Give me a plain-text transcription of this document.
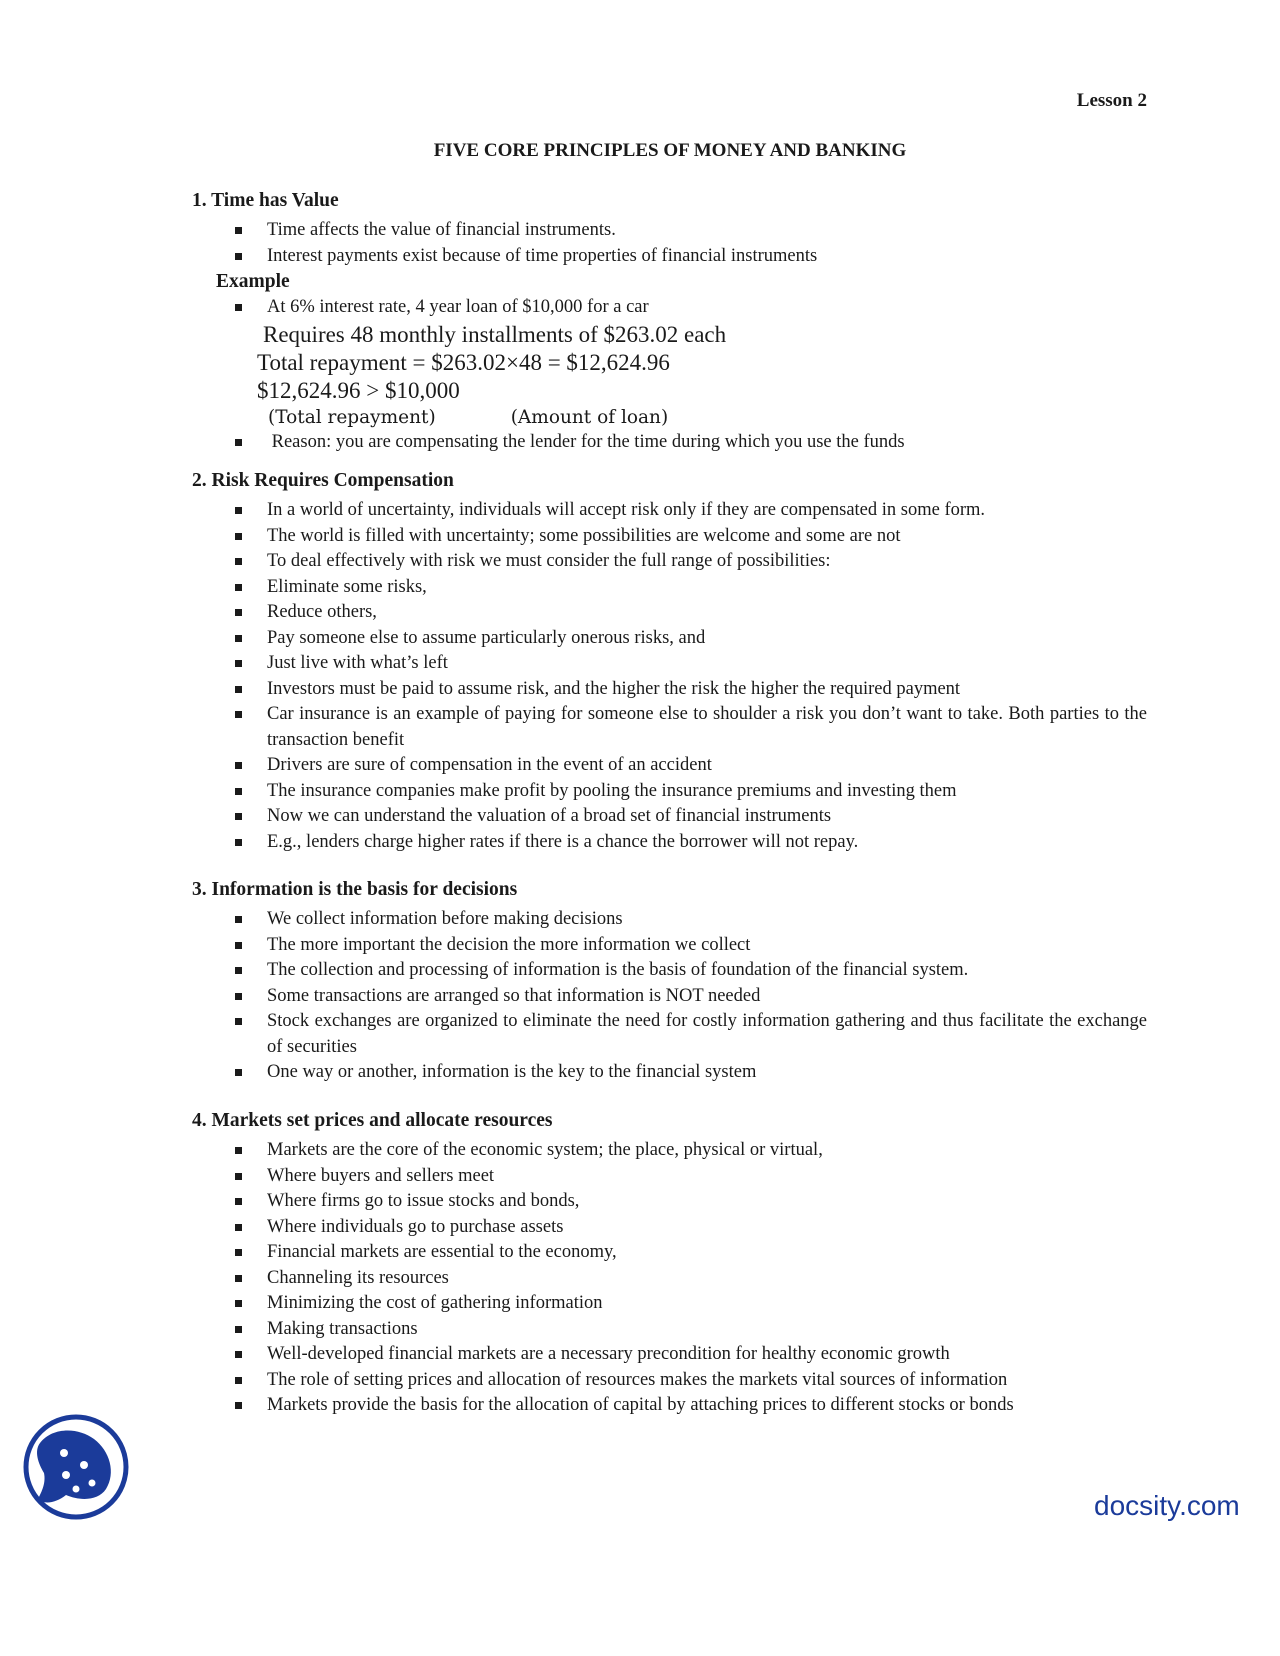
Lesson 2
FIVE CORE PRINCIPLES OF MONEY AND BANKING
1. Time has Value
Time affects the value of financial instruments.
Interest payments exist because of time properties of financial instruments
Example
At 6% interest rate, 4 year loan of $10,000 for a car
Requires 48 monthly installments of $263.02 each
Total repayment = $263.02×48 = $12,624.96
$12,624.96 > $10,000
(Total repayment)	(Amount of loan)
Reason: you are compensating the lender for the time during which you use the funds
2. Risk Requires Compensation
In a world of uncertainty, individuals will accept risk only if they are compensated in some form.
The world is filled with uncertainty; some possibilities are welcome and some are not
To deal effectively with risk we must consider the full range of possibilities:
Eliminate some risks,
Reduce others,
Pay someone else to assume particularly onerous risks, and
Just live with what’s left
Investors must be paid to assume risk, and the higher the risk the higher the required payment
Car insurance is an example of paying for someone else to shoulder a risk you don’t want to take. Both parties to the transaction benefit
Drivers are sure of compensation in the event of an accident
The insurance companies make profit by pooling the insurance premiums and investing them
Now we can understand the valuation of a broad set of financial instruments
E.g., lenders charge higher rates if there is a chance the borrower will not repay.
3. Information is the basis for decisions
We collect information before making decisions
The more important the decision the more information we collect
The collection and processing of information is the basis of foundation of the financial system.
Some transactions are arranged so that information is NOT needed
Stock exchanges are organized to eliminate the need for costly information gathering and thus facilitate the exchange of securities
One way or another, information is the key to the financial system
4. Markets set prices and allocate resources
Markets are the core of the economic system; the place, physical or virtual,
Where buyers and sellers meet
Where firms go to issue stocks and bonds,
Where individuals go to purchase assets
Financial markets are essential to the economy,
Channeling its resources
Minimizing the cost of gathering information
Making transactions
Well-developed financial markets are a necessary precondition for healthy economic growth
The role of setting prices and allocation of resources makes the markets vital sources of information
Markets provide the basis for the allocation of capital by attaching prices to different stocks or bonds
docsity.com
